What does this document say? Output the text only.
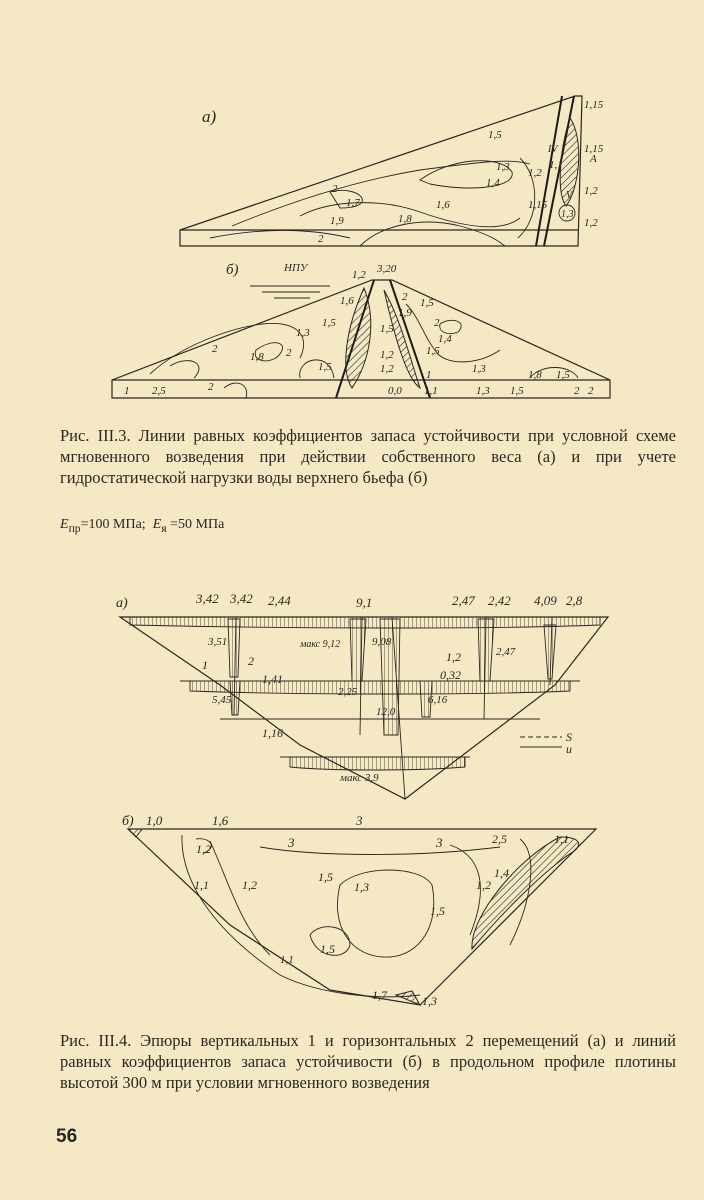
а)
1,15
1,15
1,5
1,3
1,4
2
1,7
1,9	1,8
1,6
2
1,2
1,1
1,2
1,15
1,3
1,2
A
IV
V
б)	НПУ
1,2 3,20
1,6
1,5
1,3
2
1,8 2
1,5	1,2
1,5
2
1,9
1,5
2
1,4
1,5
1,3
1,2
0,0 1,1
1
1,3
1,8 1,5
1,5	2
2
2,5	2
1

Рис. III.3. Линии равных коэффициентов запаса устойчивости при условной схеме мгновенного возведения при действии собственного веса (а) и при учете гидростатической нагрузки воды верхнего бьефа (б)

$E_{пр}=100$ МПа; $E_я =50$ МПа
а)
S
u
3,42 3,42 2,44	9,1	2,47 2,42 4,09 2,8
3,51	макс 9,12	9,08
2,47
1	2
1,41
1,2
0,32
5,45
2,25
12,0
6,16
1,16
макс 3,9
б) 1,0	1,6	3
1,2	3	3	2,5	1,1
1,1	1,2
1,5
1,3
1,5
1,2
1,4
1,5
1,1
1,7	1,3

Рис. III.4. Эпюры вертикальных 1 и горизонтальных 2 перемещений (а) и линий равных коэффициентов запаса устойчивости (б) в продольном профиле плотины высотой 300 м при условии мгновенного возведения

56
